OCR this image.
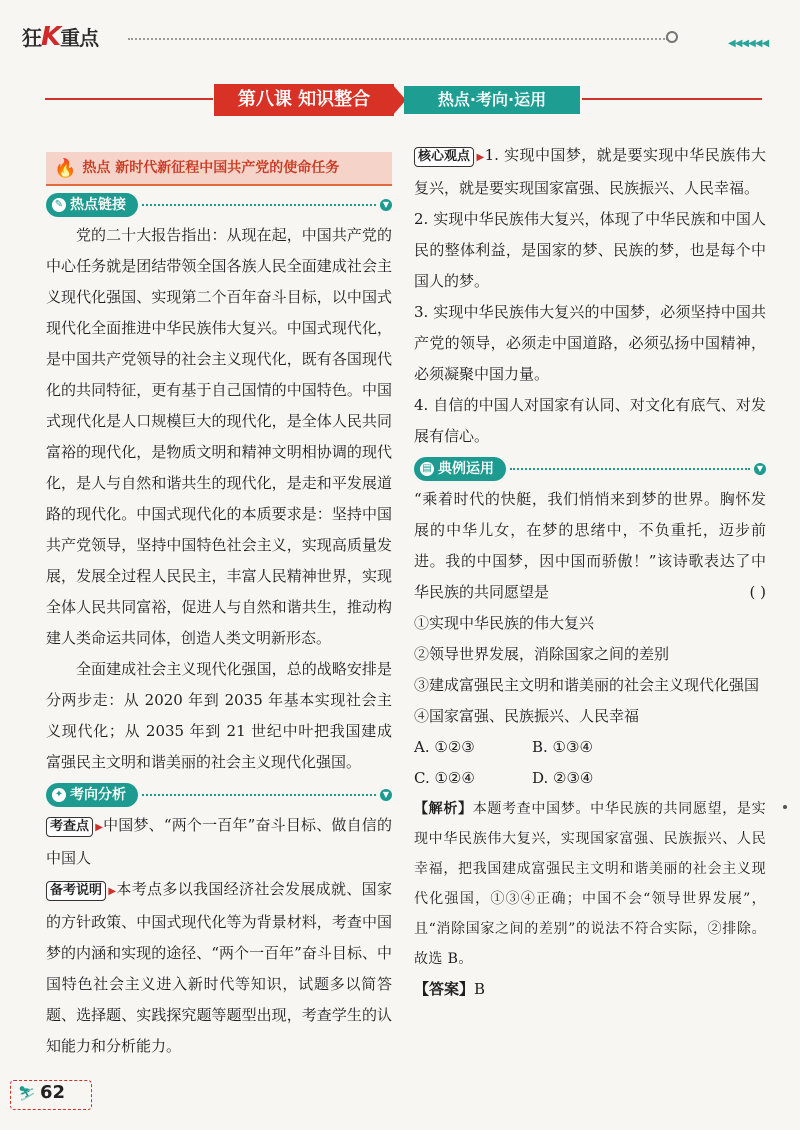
狂K重点	◀◀◀◀◀◀
第八课 知识整合	热点·考向·运用
🔥 热点 新时代新征程中国共产党的使命任务
✎ 热点链接	▼

党的二十大报告指出：从现在起，中国共产党的中心任务就是团结带领全国各族人民全面建成社会主义现代化强国、实现第二个百年奋斗目标，以中国式现代化全面推进中华民族伟大复兴。中国式现代化，是中国共产党领导的社会主义现代化，既有各国现代化的共同特征，更有基于自己国情的中国特色。中国式现代化是人口规模巨大的现代化，是全体人民共同富裕的现代化，是物质文明和精神文明相协调的现代化，是人与自然和谐共生的现代化，是走和平发展道路的现代化。中国式现代化的本质要求是：坚持中国共产党领导，坚持中国特色社会主义，实现高质量发展，发展全过程人民民主，丰富人民精神世界，实现全体人民共同富裕，促进人与自然和谐共生，推动构建人类命运共同体，创造人类文明新形态。

全面建成社会主义现代化强国，总的战略安排是分两步走：从 2020 年到 2035 年基本实现社会主义现代化；从 2035 年到 21 世纪中叶把我国建成富强民主文明和谐美丽的社会主义现代化强国。

✦ 考向分析	▼

考查点 ▶中国梦、“两个一百年”奋斗目标、做自信的中国人

备考说明 ▶本考点多以我国经济社会发展成就、国家的方针政策、中国式现代化等为背景材料，考查中国梦的内涵和实现的途径、“两个一百年”奋斗目标、中国特色社会主义进入新时代等知识，试题多以简答题、选择题、实践探究题等题型出现，考查学生的认知能力和分析能力。

核心观点 ▶1. 实现中国梦，就是要实现中华民族伟大复兴，就是要实现国家富强、民族振兴、人民幸福。

2. 实现中华民族伟大复兴，体现了中华民族和中国人民的整体利益，是国家的梦、民族的梦，也是每个中国人的梦。

3. 实现中华民族伟大复兴的中国梦，必须坚持中国共产党的领导，必须走中国道路，必须弘扬中国精神，必须凝聚中国力量。

4. 自信的中国人对国家有认同、对文化有底气、对发展有信心。

▤ 典例运用	▼

“乘着时代的快艇，我们悄悄来到梦的世界。胸怀发展的中华儿女，在梦的思绪中，不负重托，迈步前进。我的中国梦，因中国而骄傲！”该诗歌表达了中华民族的共同愿望是	( )

①实现中华民族的伟大复兴

②领导世界发展，消除国家之间的差别

③建成富强民主文明和谐美丽的社会主义现代化强国

④国家富强、民族振兴、人民幸福

A. ①②③	B. ①③④
C. ①②④	D. ②③④

【解析】本题考查中国梦。中华民族的共同愿望，是实现中华民族伟大复兴，实现国家富强、民族振兴、人民幸福，把我国建成富强民主文明和谐美丽的社会主义现代化强国，①③④正确；中国不会“领导世界发展”，且“消除国家之间的差别”的说法不符合实际，②排除。故选 B。

【答案】B

⛷ 62
